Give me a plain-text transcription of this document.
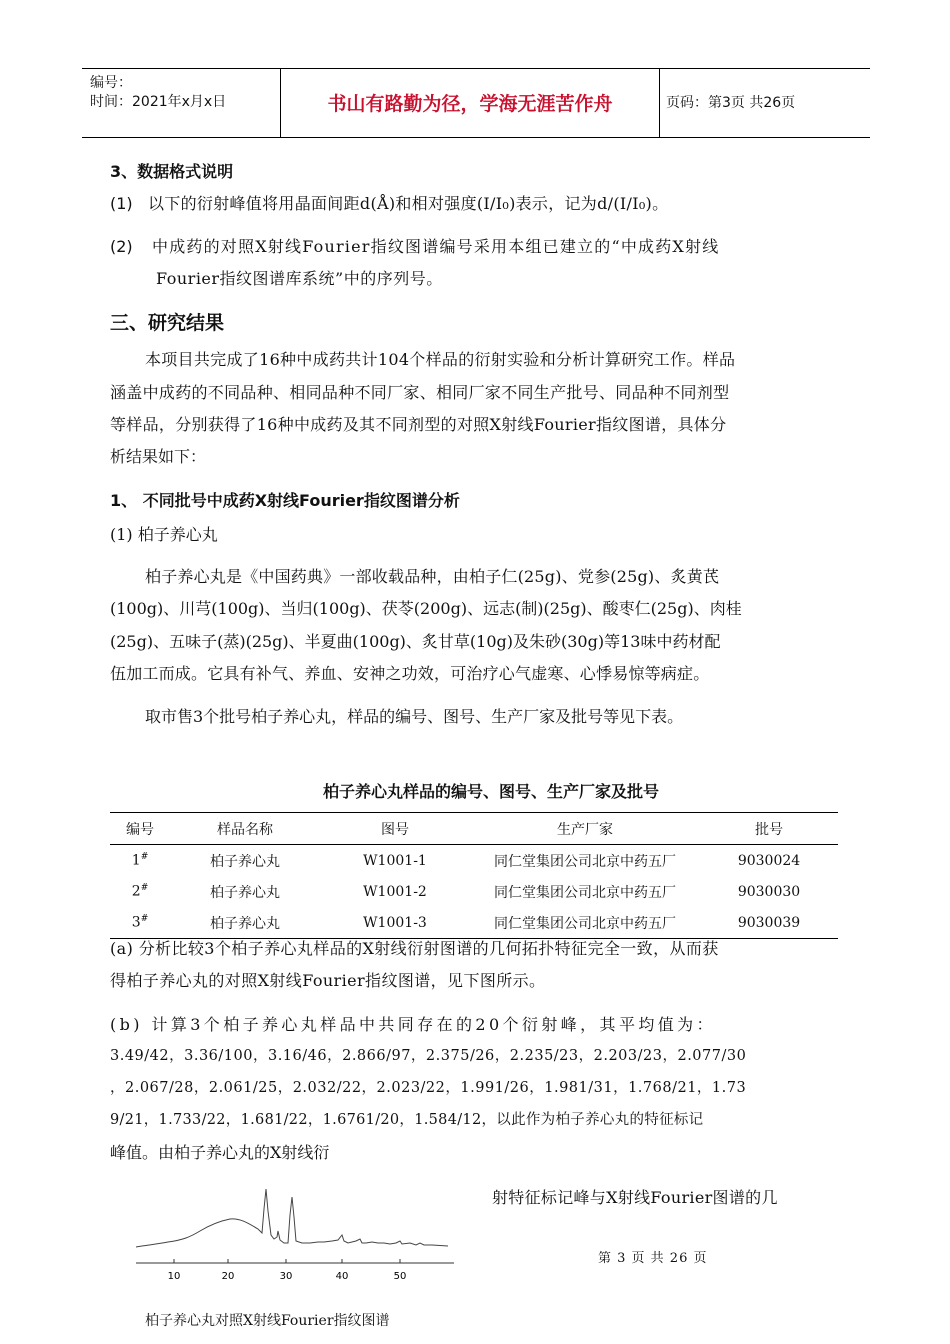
编号：
时间：2021年x月x日	书山有路勤为径，学海无涯苦作舟	页码：第3页 共26页
3、数据格式说明
(1) 以下的衍射峰值将用晶面间距d(Å)和相对强度(I/I₀)表示，记为d/(I/I₀)。
(2) 中成药的对照X射线Fourier指纹图谱编号采用本组已建立的“中成药X射线
Fourier指纹图谱库系统”中的序列号。
三、研究结果
本项目共完成了16种中成药共计104个样品的衍射实验和分析计算研究工作。样品
涵盖中成药的不同品种、相同品种不同厂家、相同厂家不同生产批号、同品种不同剂型
等样品，分别获得了16种中成药及其不同剂型的对照X射线Fourier指纹图谱，具体分
析结果如下：
1、 不同批号中成药X射线Fourier指纹图谱分析
(1) 柏子养心丸
柏子养心丸是《中国药典》一部收载品种，由柏子仁(25g)、党参(25g)、炙黄芪
(100g)、川芎(100g)、当归(100g)、茯苓(200g)、远志(制)(25g)、酸枣仁(25g)、肉桂
(25g)、五味子(蒸)(25g)、半夏曲(100g)、炙甘草(10g)及朱砂(30g)等13味中药材配
伍加工而成。它具有补气、养血、安神之功效，可治疗心气虚寒、心悸易惊等病症。
取市售3个批号柏子养心丸，样品的编号、图号、生产厂家及批号等见下表。
柏子养心丸样品的编号、图号、生产厂家及批号
编号	样品名称	图号	生产厂家	批号
1#	柏子养心丸	W1001-1	同仁堂集团公司北京中药五厂	9030024
2#	柏子养心丸	W1001-2	同仁堂集团公司北京中药五厂	9030030
3#	柏子养心丸	W1001-3	同仁堂集团公司北京中药五厂	9030039
(a) 分析比较3个柏子养心丸样品的X射线衍射图谱的几何拓扑特征完全一致，从而获
得柏子养心丸的对照X射线Fourier指纹图谱，见下图所示。
(b) 计算3个柏子养心丸样品中共同存在的20个衍射峰，其平均值为：
3.49/42，3.36/100，3.16/46，2.866/97，2.375/26，2.235/23，2.203/23，2.077/30
，2.067/28，2.061/25，2.032/22，2.023/22，1.991/26，1.981/31，1.768/21，1.73
9/21，1.733/22，1.681/22，1.6761/20，1.584/12，以此作为柏子养心丸的特征标记
峰值。由柏子养心丸的X射线衍
射特征标记峰与X射线Fourier图谱的几
10	20	30	40	50
第 3 页 共 26 页
柏子养心丸对照X射线Fourier指纹图谱
